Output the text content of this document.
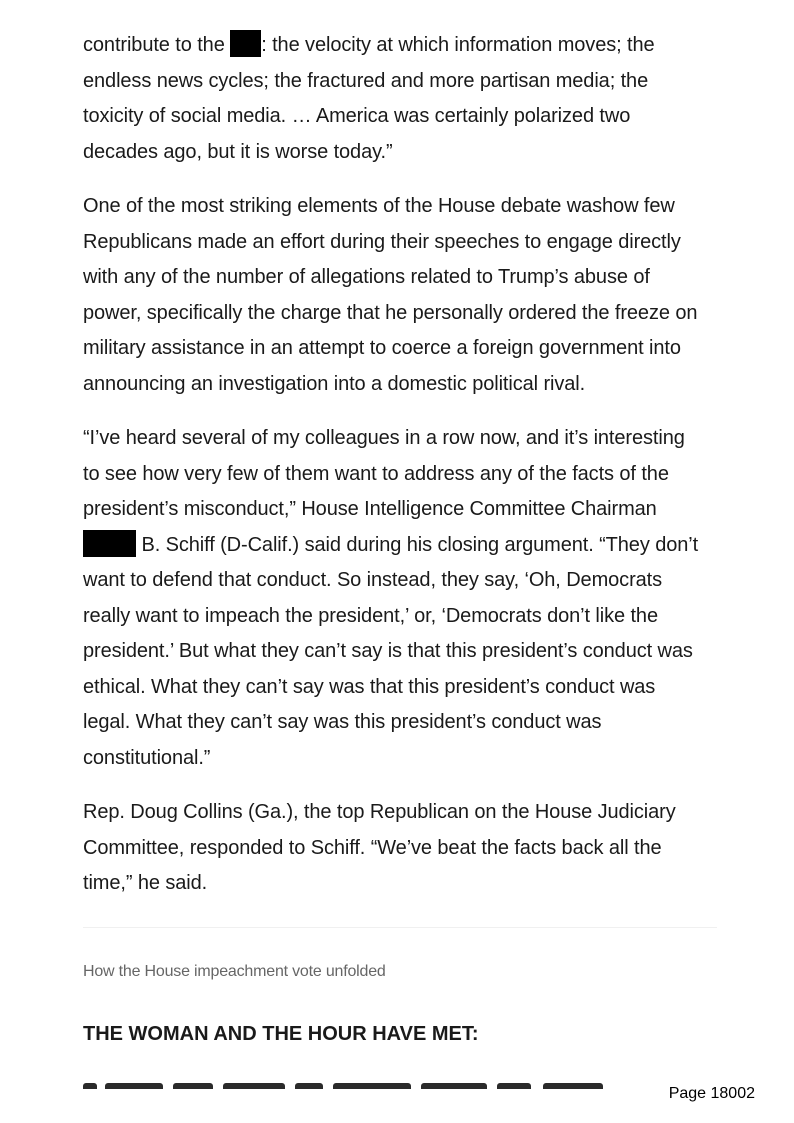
contribute to the : the velocity at which information moves; the
endless news cycles; the fractured and more partisan media; the
toxicity of social media. … America was certainly polarized two
decades ago, but it is worse today.”

One of the most striking elements of the House debate washow few
Republicans made an effort during their speeches to engage directly
with any of the number of allegations related to Trump’s abuse of
power, specifically the charge that he personally ordered the freeze on
military assistance in an attempt to coerce a foreign government into
announcing an investigation into a domestic political rival.

“I’ve heard several of my colleagues in a row now, and it’s interesting
to see how very few of them want to address any of the facts of the
president’s misconduct,” House Intelligence Committee Chairman
B. Schiff (D-Calif.) said during his closing argument. “They don’t
want to defend that conduct. So instead, they say, ‘Oh, Democrats
really want to impeach the president,’ or, ‘Democrats don’t like the
president.’ But what they can’t say is that this president’s conduct was
ethical. What they can’t say was that this president’s conduct was
legal. What they can’t say was this president’s conduct was
constitutional.”

Rep. Doug Collins (Ga.), the top Republican on the House Judiciary
Committee, responded to Schiff. “We’ve beat the facts back all the
time,” he said.

How the House impeachment vote unfolded
THE WOMAN AND THE HOUR HAVE MET:
Page 18002
